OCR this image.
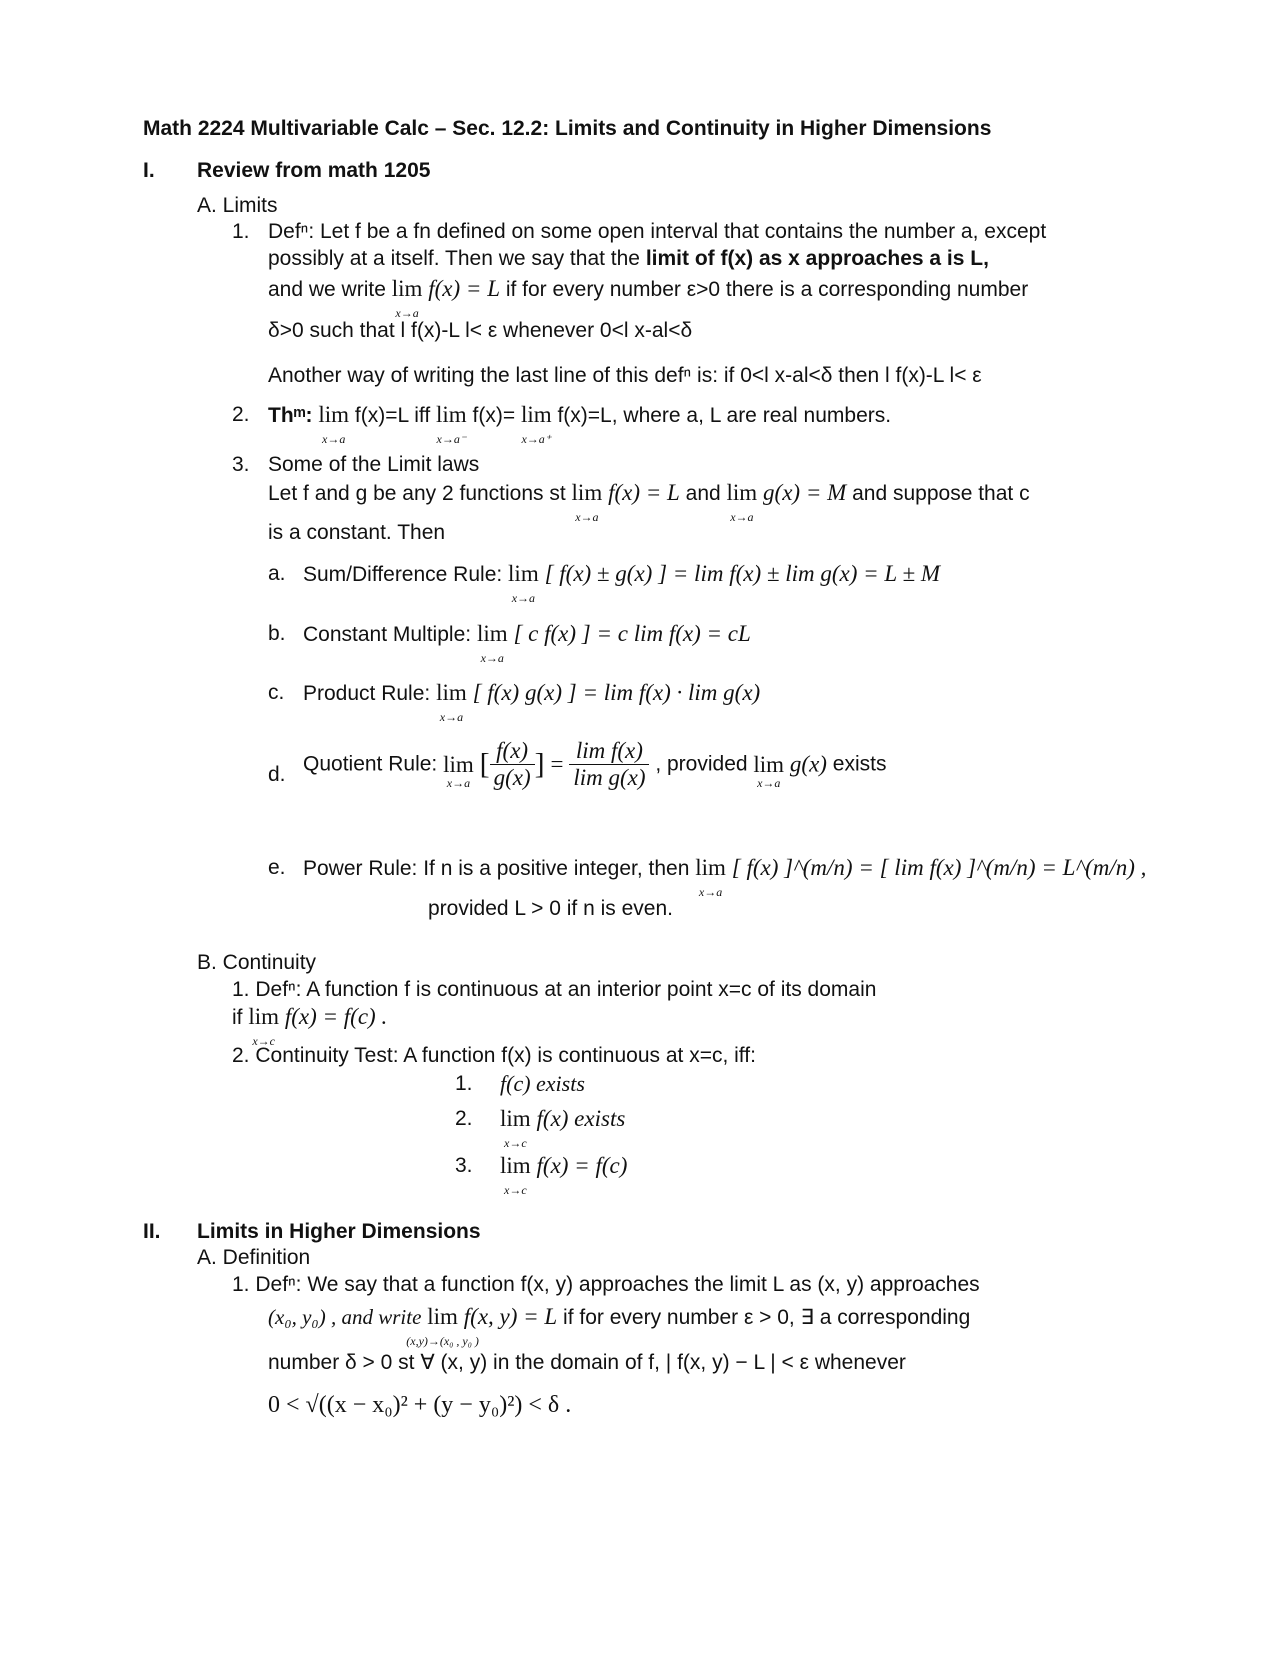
Math 2224 Multivariable Calc – Sec. 12.2: Limits and Continuity in Higher Dimensions
I. Review from math 1205
A. Limits
1. Defⁿ: Let f be a fn defined on some open interval that contains the number a, except
possibly at a itself. Then we say that the limit of f(x) as x approaches a is L,
and we write lim
x→a
f(x) = L if for every number ε>0 there is a corresponding number
δ>0 such that l f(x)-L l< ε whenever 0<l x-al<δ
Another way of writing the last line of this defⁿ is: if 0<l x-al<δ then l f(x)-L l< ε
2. Thᵐ: lim
x→a
f(x)=L iff lim
x→a⁻
f(x)= lim
x→a⁺
f(x)=L, where a, L are real numbers.
3. Some of the Limit laws
Let f and g be any 2 functions st lim
x→a
f(x) = L and lim
x→a
g(x) = M and suppose that c
is a constant. Then
a. Sum/Difference Rule: lim
x→a
[ f(x) ± g(x) ] = lim f(x) ± lim g(x) = L ± M
b. Constant Multiple: lim
x→a
[ c f(x) ] = c lim f(x) = cL
c. Product Rule: lim
x→a
[ f(x) g(x) ] = lim f(x) · lim g(x)
d. Quotient Rule: lim
x→a
[ $\frac{f(x)}{g(x)}$ ] = $\frac{\text{lim f(x)}}{\text{lim g(x)}}$ , provided lim
x→a
g(x) exists
e. Power Rule: If n is a positive integer, then lim
x→a
[ f(x) ]^(m/n) = [ lim f(x) ]^(m/n) = L^(m/n) ,
provided L > 0 if n is even.
B. Continuity
1. Defⁿ: A function f is continuous at an interior point x=c of its domain
if lim
x→c
f(x) = f(c) .
2. Continuity Test: A function f(x) is continuous at x=c, iff:
1. f(c) exists
2. lim
x→c
f(x) exists
3. lim
x→c
f(x) = f(c)
II. Limits in Higher Dimensions
A. Definition
1. Defⁿ: We say that a function f(x, y) approaches the limit L as (x, y) approaches
(x₀, y₀) , and write lim
(x,y)→(x₀ , y₀ )
f(x, y) = L if for every number ε > 0, ∃ a corresponding
number δ > 0 st ∀ (x, y) in the domain of f, | f(x, y) − L | < ε whenever
0 < √((x − x₀)² + (y − y₀)²) < δ .
